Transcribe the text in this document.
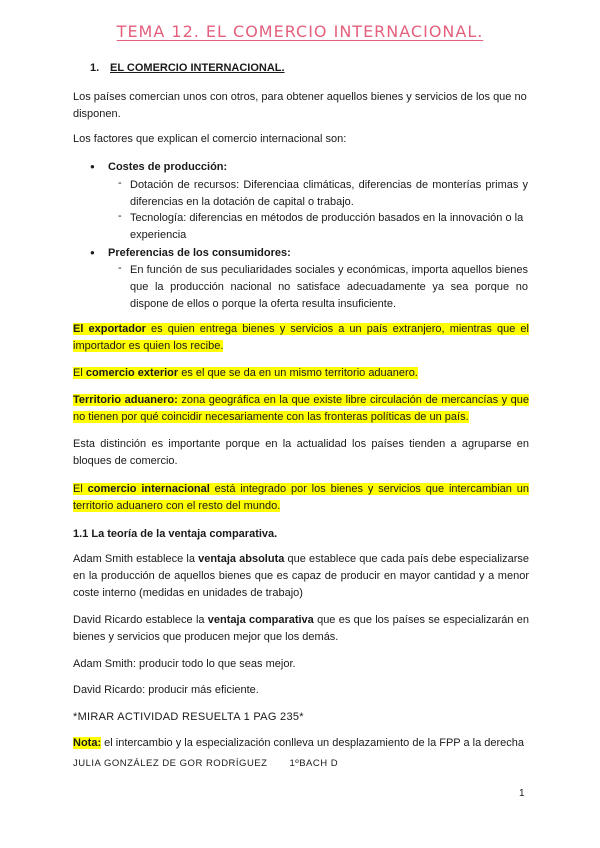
TEMA 12. EL COMERCIO INTERNACIONAL.
1. EL COMERCIO INTERNACIONAL.

Los países comercian unos con otros, para obtener aquellos bienes y servicios de los que no disponen.

Los factores que explican el comercio internacional son:

● Costes de producción:
- Dotación de recursos: Diferenciaa climáticas, diferencias de monterías primas y diferencias en la dotación de capital o trabajo.

- Tecnología: diferencias en métodos de producción basados en la innovación o la experiencia

● Preferencias de los consumidores:
- En función de sus peculiaridades sociales y económicas, importa aquellos bienes que la producción nacional no satisface adecuadamente ya sea porque no dispone de ellos o porque la oferta resulta insuficiente.

El exportador es quien entrega bienes y servicios a un país extranjero, mientras que el importador es quien los recibe.

El comercio exterior es el que se da en un mismo territorio aduanero.

Territorio aduanero: zona geográfica en la que existe libre circulación de mercancías y que no tienen por qué coincidir necesariamente con las fronteras políticas de un país.

Esta distinción es importante porque en la actualidad los países tienden a agruparse en bloques de comercio.

El comercio internacional está integrado por los bienes y servicios que intercambian un territorio aduanero con el resto del mundo.

1.1 La teoría de la ventaja comparativa.

Adam Smith establece la ventaja absoluta que establece que cada país debe especializarse en la producción de aquellos bienes que es capaz de producir en mayor cantidad y a menor coste interno (medidas en unidades de trabajo)

David Ricardo establece la ventaja comparativa que es que los países se especializarán en bienes y servicios que producen mejor que los demás.

Adam Smith: producir todo lo que seas mejor.

David Ricardo: producir más eficiente.

*MIRAR ACTIVIDAD RESUELTA 1 PAG 235*

Nota: el intercambio y la especialización conlleva un desplazamiento de la FPP a la derecha

JULIA GONZÁLEZ DE GOR RODRÍGUEZ 1ºBACH D
1
